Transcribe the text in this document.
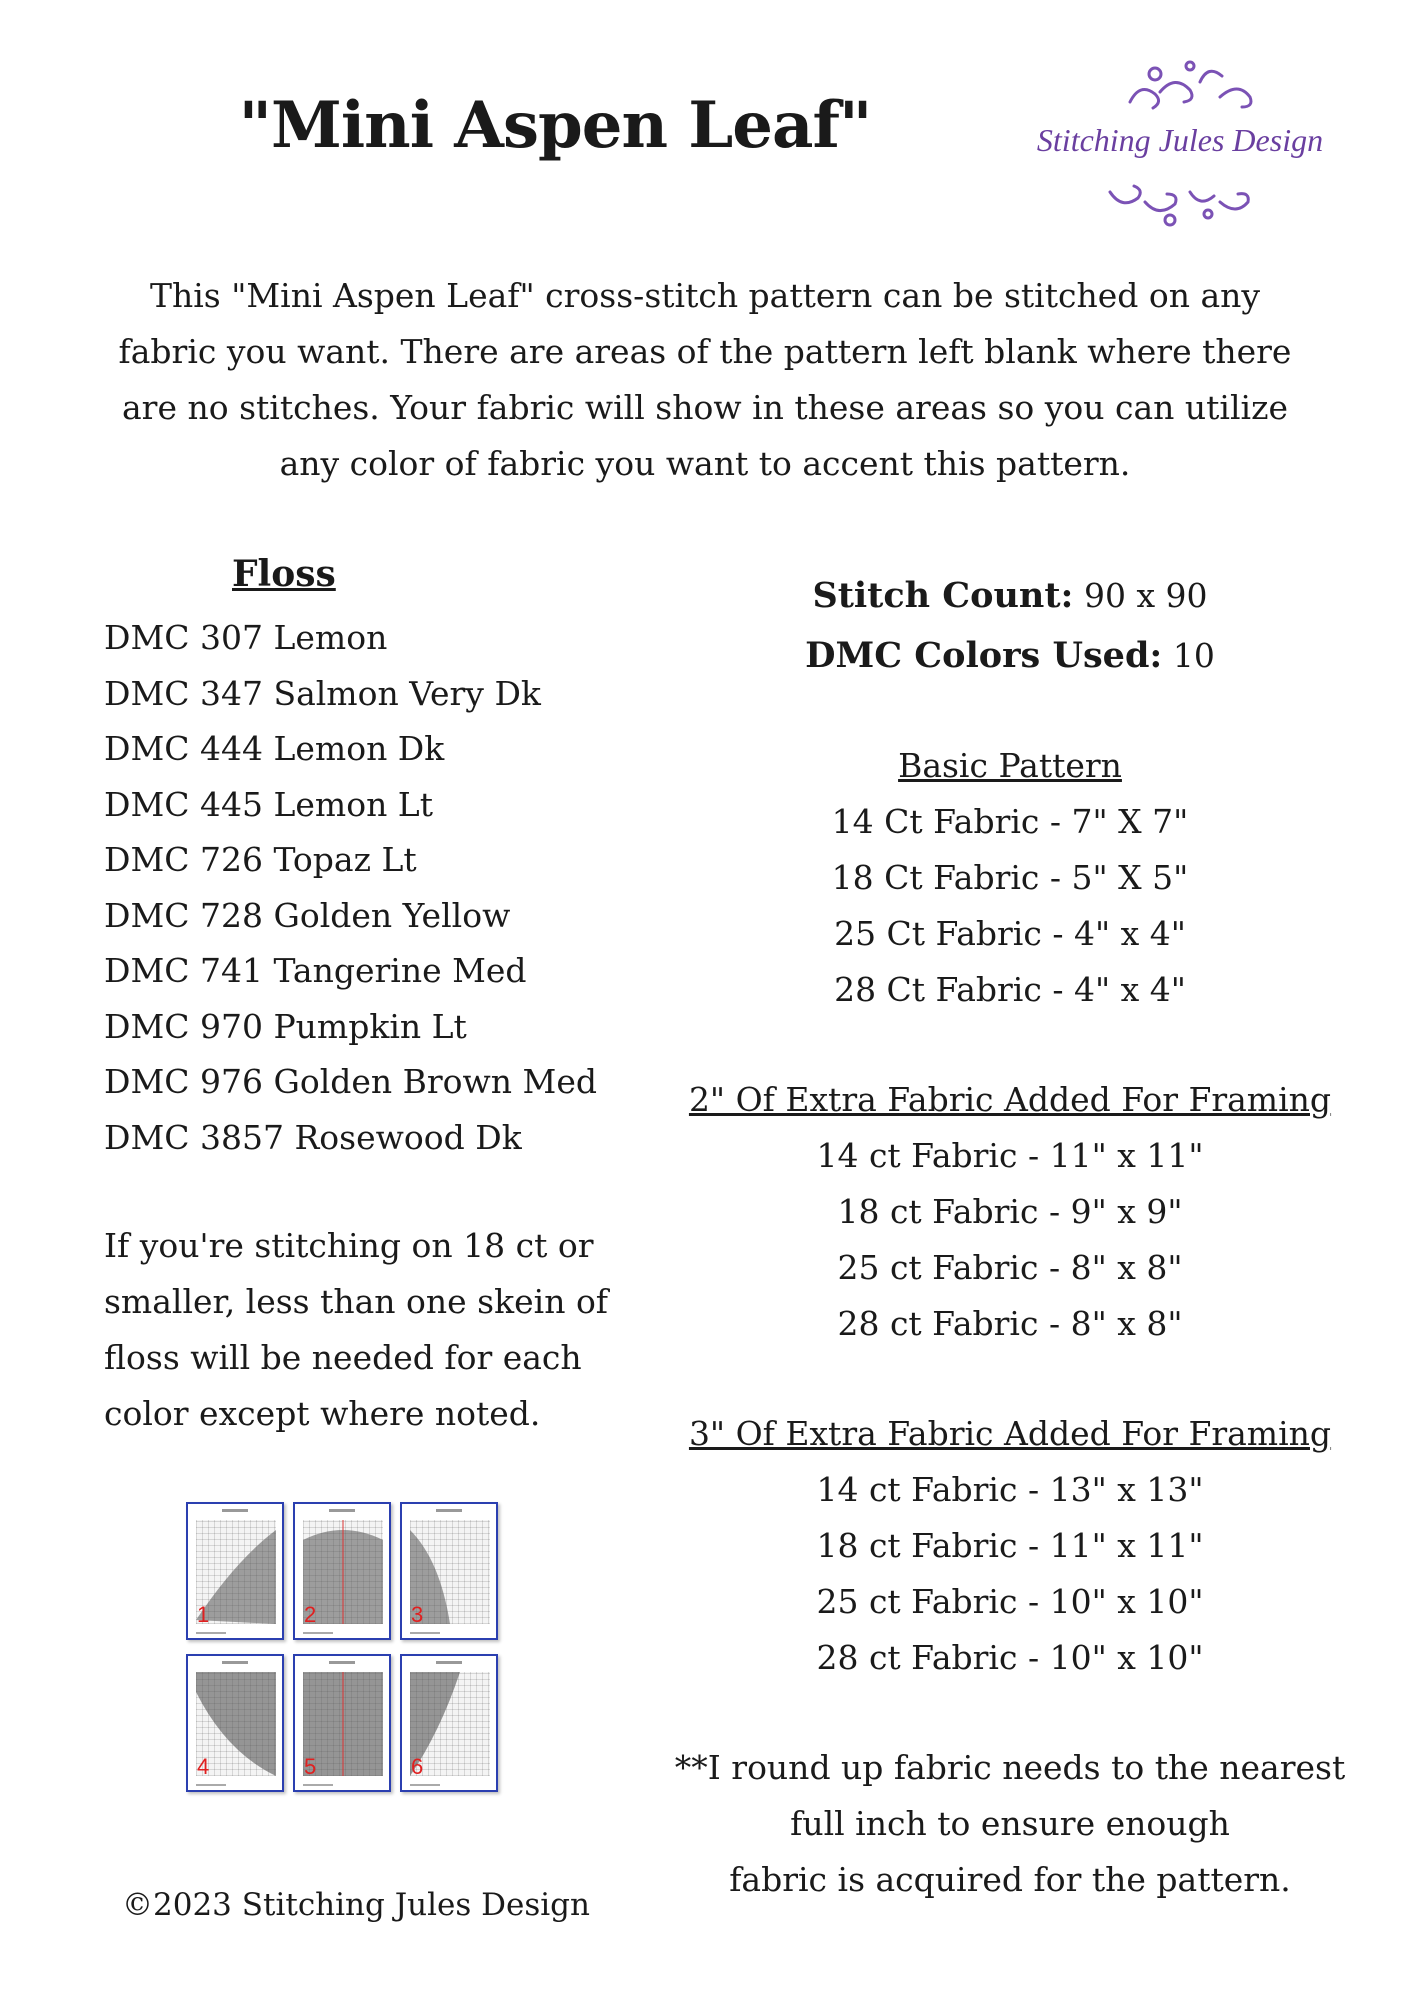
"Mini Aspen Leaf"	Stitching Jules Design
This "Mini Aspen Leaf" cross-stitch pattern can be stitched on any fabric you want. There are areas of the pattern left blank where there are no stitches. Your fabric will show in these areas so you can utilize any color of fabric you want to accent this pattern.
Floss
DMC 307 Lemon
DMC 347 Salmon Very Dk
DMC 444 Lemon Dk
DMC 445 Lemon Lt
DMC 726 Topaz Lt
DMC 728 Golden Yellow
DMC 741 Tangerine Med
DMC 970 Pumpkin Lt
DMC 976 Golden Brown Med
DMC 3857 Rosewood Dk
If you're stitching on 18 ct or smaller, less than one skein of floss will be needed for each color except where noted.
1	2	3
4	5	6
Stitch Count: 90 x 90
DMC Colors Used: 10
Basic Pattern
14 Ct Fabric - 7" X 7"
18 Ct Fabric - 5" X 5"
25 Ct Fabric - 4" x 4"
28 Ct Fabric - 4" x 4"
2" Of Extra Fabric Added For Framing
14 ct Fabric - 11" x 11"
18 ct Fabric - 9" x 9"
25 ct Fabric - 8" x 8"
28 ct Fabric - 8" x 8"
3" Of Extra Fabric Added For Framing
14 ct Fabric - 13" x 13"
18 ct Fabric - 11" x 11"
25 ct Fabric - 10" x 10"
28 ct Fabric - 10" x 10"
**I round up fabric needs to the nearest
full inch to ensure enough
fabric is acquired for the pattern.
©2023 Stitching Jules Design
